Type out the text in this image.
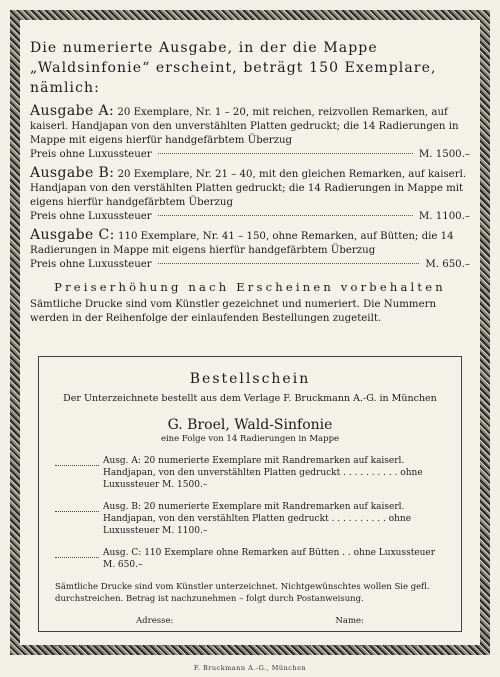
Die numerierte Ausgabe, in der die Mappe „Waldsinfonie“ erscheint, beträgt 150 Exemplare, nämlich:
Ausgabe A: 20 Exemplare, Nr. 1 – 20, mit reichen, reizvollen Remarken, auf kaiserl. Handjapan von den unverstählten Platten gedruckt; die 14 Radierungen in Mappe mit eigens hierfür handgefärbtem Überzug
Preis ohne Luxussteuer	M. 1500.–
Ausgabe B: 20 Exemplare, Nr. 21 – 40, mit den gleichen Remarken, auf kaiserl. Handjapan von den verstählten Platten gedruckt; die 14 Radierungen in Mappe mit eigens hierfür handgefärbtem Überzug
Preis ohne Luxussteuer	M. 1100.–
Ausgabe C: 110 Exemplare, Nr. 41 – 150, ohne Remarken, auf Bütten; die 14 Radierungen in Mappe mit eigens hierfür handgefärbtem Überzug
Preis ohne Luxussteuer	M. 650.–
Preiserhöhung nach Erscheinen vorbehalten
Sämtliche Drucke sind vom Künstler gezeichnet und numeriert. Die Nummern werden in der Reihenfolge der einlaufenden Bestellungen zugeteilt.
Bestellschein
Der Unterzeichnete bestellt aus dem Verlage F. Bruckmann A.-G. in München
G. Broel, Wald-Sinfonie
eine Folge von 14 Radierungen in Mappe
Ausg. A: 20 numerierte Exemplare mit Randremarken auf kaiserl. Handjapan, von den unverstählten Platten gedruckt . . . . . . . . . . ohne Luxussteuer M. 1500.–
Ausg. B: 20 numerierte Exemplare mit Randremarken auf kaiserl. Handjapan, von den verstählten Platten gedruckt . . . . . . . . . . ohne Luxussteuer M. 1100.–
Ausg. C: 110 Exemplare ohne Remarken auf Bütten . . ohne Luxussteuer M. 650.–
Sämtliche Drucke sind vom Künstler unterzeichnet. Nichtgewünschtes wollen Sie gefl. durchstreichen. Betrag ist nachzunehmen – folgt durch Postanweisung.
Adresse:	Name:
F. Bruckmann A.-G., München
